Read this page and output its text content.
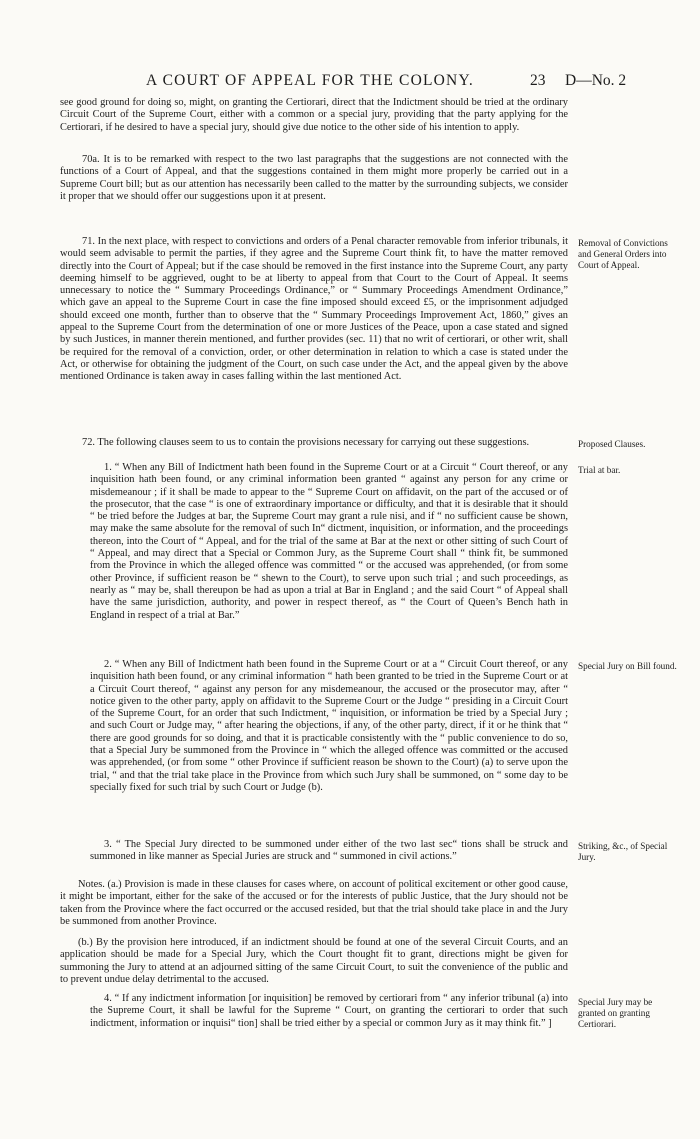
A COURT OF APPEAL FOR THE COLONY.	23 D—No. 2

see good ground for doing so, might, on granting the Certiorari, direct that the Indictment should be tried at the ordinary Circuit Court of the Supreme Court, either with a common or a special jury, providing that the party applying for the Certiorari, if he desired to have a special jury, should give due notice to the other side of his intention to apply.

70a. It is to be remarked with respect to the two last paragraphs that the suggestions are not connected with the functions of a Court of Appeal, and that the suggestions contained in them might more properly be carried out in a Supreme Court bill; but as our attention has necessarily been called to the matter by the surrounding subjects, we consider it proper that we should offer our suggestions upon it at present.

71. In the next place, with respect to convictions and orders of a Penal character removable from inferior tribunals, it would seem advisable to permit the parties, if they agree and the Supreme Court think fit, to have the matter removed directly into the Court of Appeal; but if the case should be removed in the first instance into the Supreme Court, any party deeming himself to be aggrieved, ought to be at liberty to appeal from that Court to the Court of Appeal. It seems unnecessary to notice the “ Summary Proceedings Ordinance,” or “ Summary Proceedings Amendment Ordinance,” which gave an appeal to the Supreme Court in case the fine imposed should exceed £5, or the imprisonment adjudged should exceed one month, further than to observe that the “ Summary Proceedings Improvement Act, 1860,” gives an appeal to the Supreme Court from the determination of one or more Justices of the Peace, upon a case stated and signed by such Justices, in manner therein mentioned, and further provides (sec. 11) that no writ of certiorari, or other writ, shall be required for the removal of a conviction, order, or other determination in relation to which a case is stated under the Act, or otherwise for obtaining the judgment of the Court, on such case under the Act, and the appeal given by the above mentioned Ordinance is taken away in cases falling within the last mentioned Act.

Removal of Convictions and General Orders into Court of Appeal.

72. The following clauses seem to us to contain the provisions necessary for carrying out these suggestions.	Proposed Clauses.

1. “ When any Bill of Indictment hath been found in the Supreme Court or at a Circuit “ Court thereof, or any inquisition hath been found, or any criminal information been granted “ against any person for any crime or misdemeanour ; if it shall be made to appear to the “ Supreme Court on affidavit, on the part of the accused or of the prosecutor, that the case “ is one of extraordinary importance or difficulty, and that it is desirable that it should “ be tried before the Judges at bar, the Supreme Court may grant a rule nisi, and if “ no sufficient cause be shown, may make the same absolute for the removal of such In“ dictment, inquisition, or information, and the proceedings thereon, into the Court of “ Appeal, and for the trial of the same at Bar at the next or other sitting of such Court of “ Appeal, and may direct that a Special or Common Jury, as the Supreme Court shall “ think fit, be summoned from the Province in which the alleged offence was committed “ or the accused was apprehended, (or from some other Province, if sufficient reason be “ shewn to the Court), to serve upon such trial ; and such proceedings, as nearly as “ may be, shall thereupon be had as upon a trial at Bar in England ; and the said Court “ of Appeal shall have the same jurisdiction, authority, and power in respect thereof, as “ the Court of Queen’s Bench hath in England in respect of a trial at Bar.”

Trial at bar.

2. “ When any Bill of Indictment hath been found in the Supreme Court or at a “ Circuit Court thereof, or any inquisition hath been found, or any criminal information “ hath been granted to be tried in the Supreme Court or at a Circuit Court thereof, “ against any person for any misdemeanour, the accused or the prosecutor may, after “ notice given to the other party, apply on affidavit to the Supreme Court or the Judge “ presiding in a Circuit Court of the Supreme Court, for an order that such Indictment, “ inquisition, or information be tried by a Special Jury ; and such Court or Judge may, “ after hearing the objections, if any, of the other party, direct, if it or he think that “ there are good grounds for so doing, and that it is practicable consistently with the “ public convenience to do so, that a Special Jury be summoned from the Province in “ which the alleged offence was committed or the accused was apprehended, (or from some “ other Province if sufficient reason be shown to the Court) (a) to serve upon the trial, “ and that the trial take place in the Province from which such Jury shall be summoned, on “ some day to be specially fixed for such trial by such Court or Judge (b).

Special Jury on Bill found.

3. “ The Special Jury directed to be summoned under either of the two last sec“ tions shall be struck and summoned in like manner as Special Juries are struck and “ summoned in civil actions.”

Striking, &c., of Special Jury.

Notes. (a.) Provision is made in these clauses for cases where, on account of political excitement or other good cause, it might be important, either for the sake of the accused or for the interests of public Justice, that the Jury should not be taken from the Province where the fact occurred or the accused resided, but that the trial should take place in and the Jury be summoned from another Province.

(b.) By the provision here introduced, if an indictment should be found at one of the several Circuit Courts, and an application should be made for a Special Jury, which the Court thought fit to grant, directions might be given for summoning the Jury to attend at an adjourned sitting of the same Circuit Court, to suit the convenience of the public and to prevent undue delay detrimental to the accused.

4. “ If any indictment information [or inquisition] be removed by certiorari from “ any inferior tribunal (a) into the Supreme Court, it shall be lawful for the Supreme “ Court, on granting the certiorari to order that such indictment, information or inquisi“ tion] shall be tried either by a special or common Jury as it may think fit.” ]

Special Jury may be granted on granting Certiorari.
